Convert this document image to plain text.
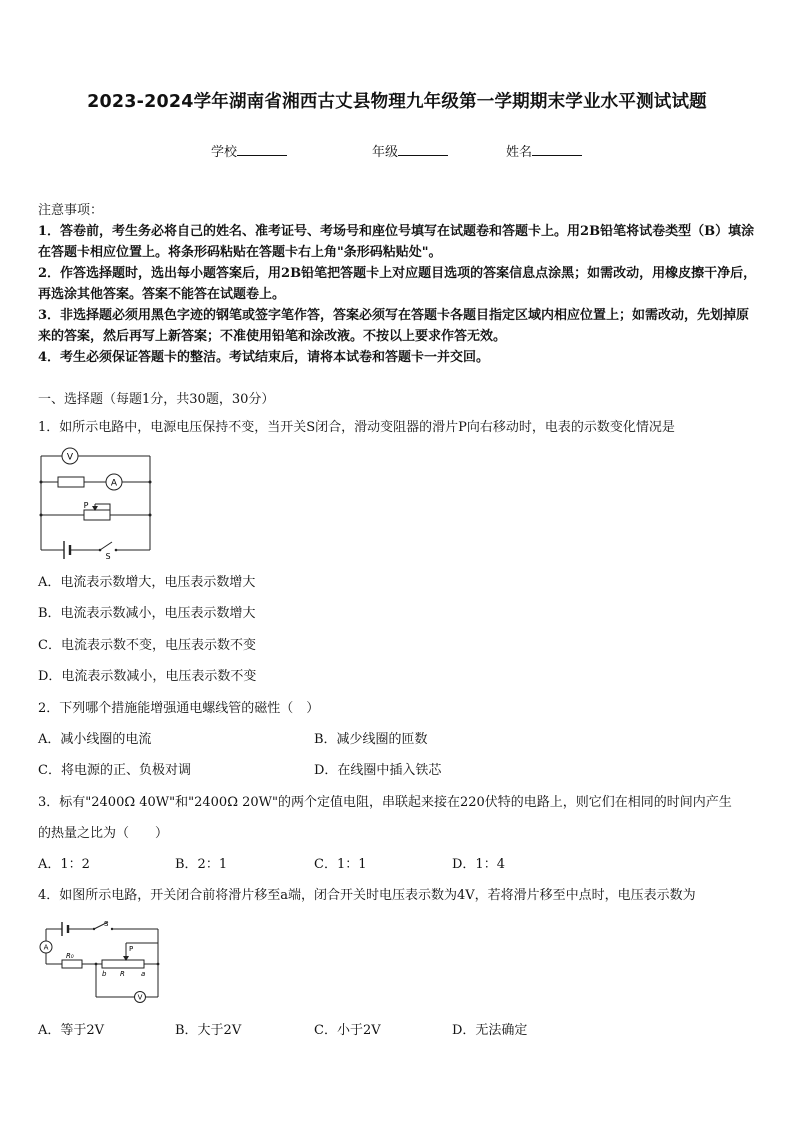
2023-2024学年湖南省湘西古丈县物理九年级第一学期期末学业水平测试试题
学校	年级	姓名

注意事项：

1．答卷前，考生务必将自己的姓名、准考证号、考场号和座位号填写在试题卷和答题卡上。用2B铅笔将试卷类型（B）填涂在答题卡相应位置上。将条形码粘贴在答题卡右上角"条形码粘贴处"。

2．作答选择题时，选出每小题答案后，用2B铅笔把答题卡上对应题目选项的答案信息点涂黑；如需改动，用橡皮擦干净后，再选涂其他答案。答案不能答在试题卷上。

3．非选择题必须用黑色字迹的钢笔或签字笔作答，答案必须写在答题卡各题目指定区域内相应位置上；如需改动，先划掉原来的答案，然后再写上新答案；不准使用铅笔和涂改液。不按以上要求作答无效。

4．考生必须保证答题卡的整洁。考试结束后，请将本试卷和答题卡一并交回。

一、选择题（每题1分，共30题，30分）
1．如所示电路中，电源电压保持不变，当开关S闭合，滑动变阻器的滑片P向右移动时，电表的示数变化情况是
V
A
P
S
A．电流表示数增大，电压表示数增大
B．电流表示数减小，电压表示数增大
C．电流表示数不变，电压表示数不变
D．电流表示数减小，电压表示数不变
2．下列哪个措施能增强通电螺线管的磁性（　）
A．减小线圈的电流	B．减少线圈的匝数
C．将电源的正、负极对调	D．在线圈中插入铁芯
3．标有"2400Ω 40W"和"2400Ω 20W"的两个定值电阻，串联起来接在220伏特的电路上，则它们在相同的时间内产生
的热量之比为（　　）
A．1：2	B．2：1	C．1：1	D．1：4
4．如图所示电路，开关闭合前将滑片移至a端，闭合开关时电压表示数为4V，若将滑片移至中点时，电压表示数为
S
A	P
R₀
b R a
V
A．等于2V	B．大于2V	C．小于2V	D．无法确定
